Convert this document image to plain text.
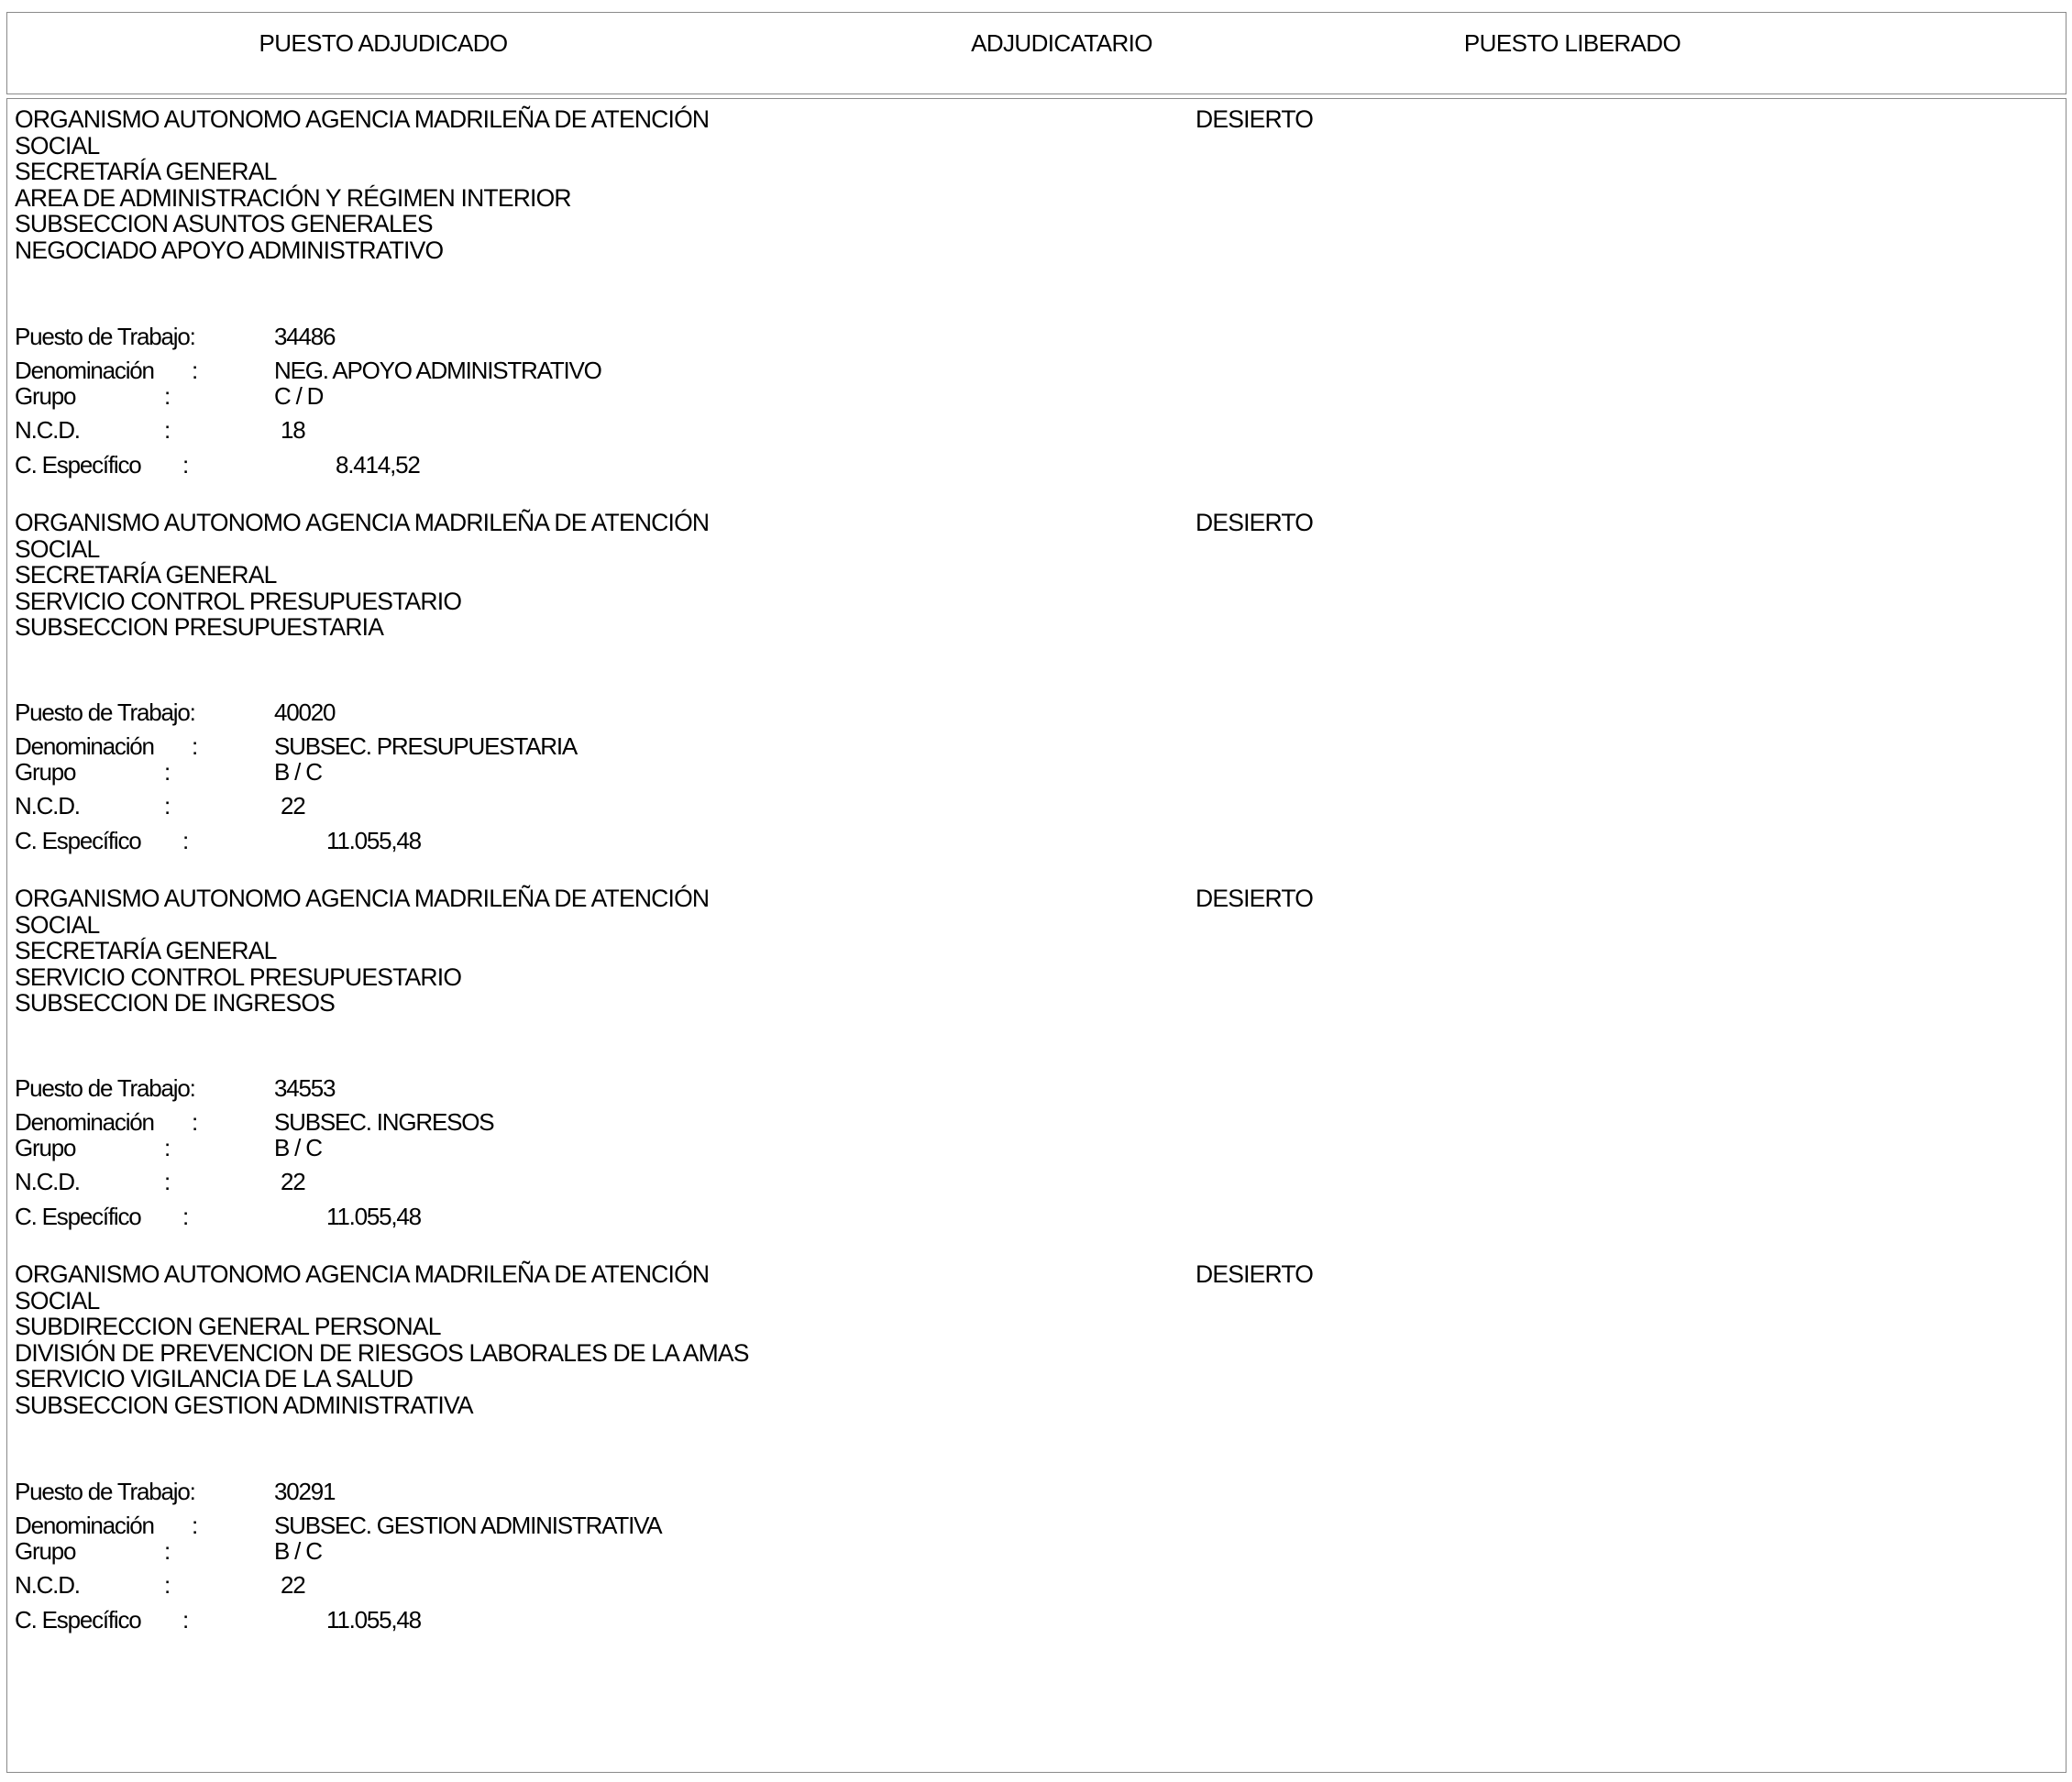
PUESTO ADJUDICADO	ADJUDICATARIO	PUESTO LIBERADO
ORGANISMO AUTONOMO AGENCIA MADRILEÑA DE ATENCIÓN
SOCIAL
SECRETARÍA GENERAL
AREA DE ADMINISTRACIÓN Y RÉGIMEN INTERIOR
SUBSECCION ASUNTOS GENERALES
NEGOCIADO APOYO ADMINISTRATIVO
DESIERTO
Puesto de Trabajo:	34486
Denominación :	NEG. APOYO ADMINISTRATIVO
Grupo	:	C / D
N.C.D.	:	18
C. Específico :	8.414,52
ORGANISMO AUTONOMO AGENCIA MADRILEÑA DE ATENCIÓN
SOCIAL
SECRETARÍA GENERAL
SERVICIO CONTROL PRESUPUESTARIO
SUBSECCION PRESUPUESTARIA
DESIERTO
Puesto de Trabajo:	40020
Denominación :	SUBSEC. PRESUPUESTARIA
Grupo	:	B / C
N.C.D.	:	22
C. Específico :	11.055,48
ORGANISMO AUTONOMO AGENCIA MADRILEÑA DE ATENCIÓN
SOCIAL
SECRETARÍA GENERAL
SERVICIO CONTROL PRESUPUESTARIO
SUBSECCION DE INGRESOS
DESIERTO
Puesto de Trabajo:	34553
Denominación :	SUBSEC. INGRESOS
Grupo	:	B / C
N.C.D.	:	22
C. Específico :	11.055,48
ORGANISMO AUTONOMO AGENCIA MADRILEÑA DE ATENCIÓN
SOCIAL
SUBDIRECCION GENERAL PERSONAL
DIVISIÓN DE PREVENCION DE RIESGOS LABORALES DE LA AMAS
SERVICIO VIGILANCIA DE LA SALUD
SUBSECCION GESTION ADMINISTRATIVA
DESIERTO
Puesto de Trabajo:	30291
Denominación :	SUBSEC. GESTION ADMINISTRATIVA
Grupo	:	B / C
N.C.D.	:	22
C. Específico :	11.055,48
